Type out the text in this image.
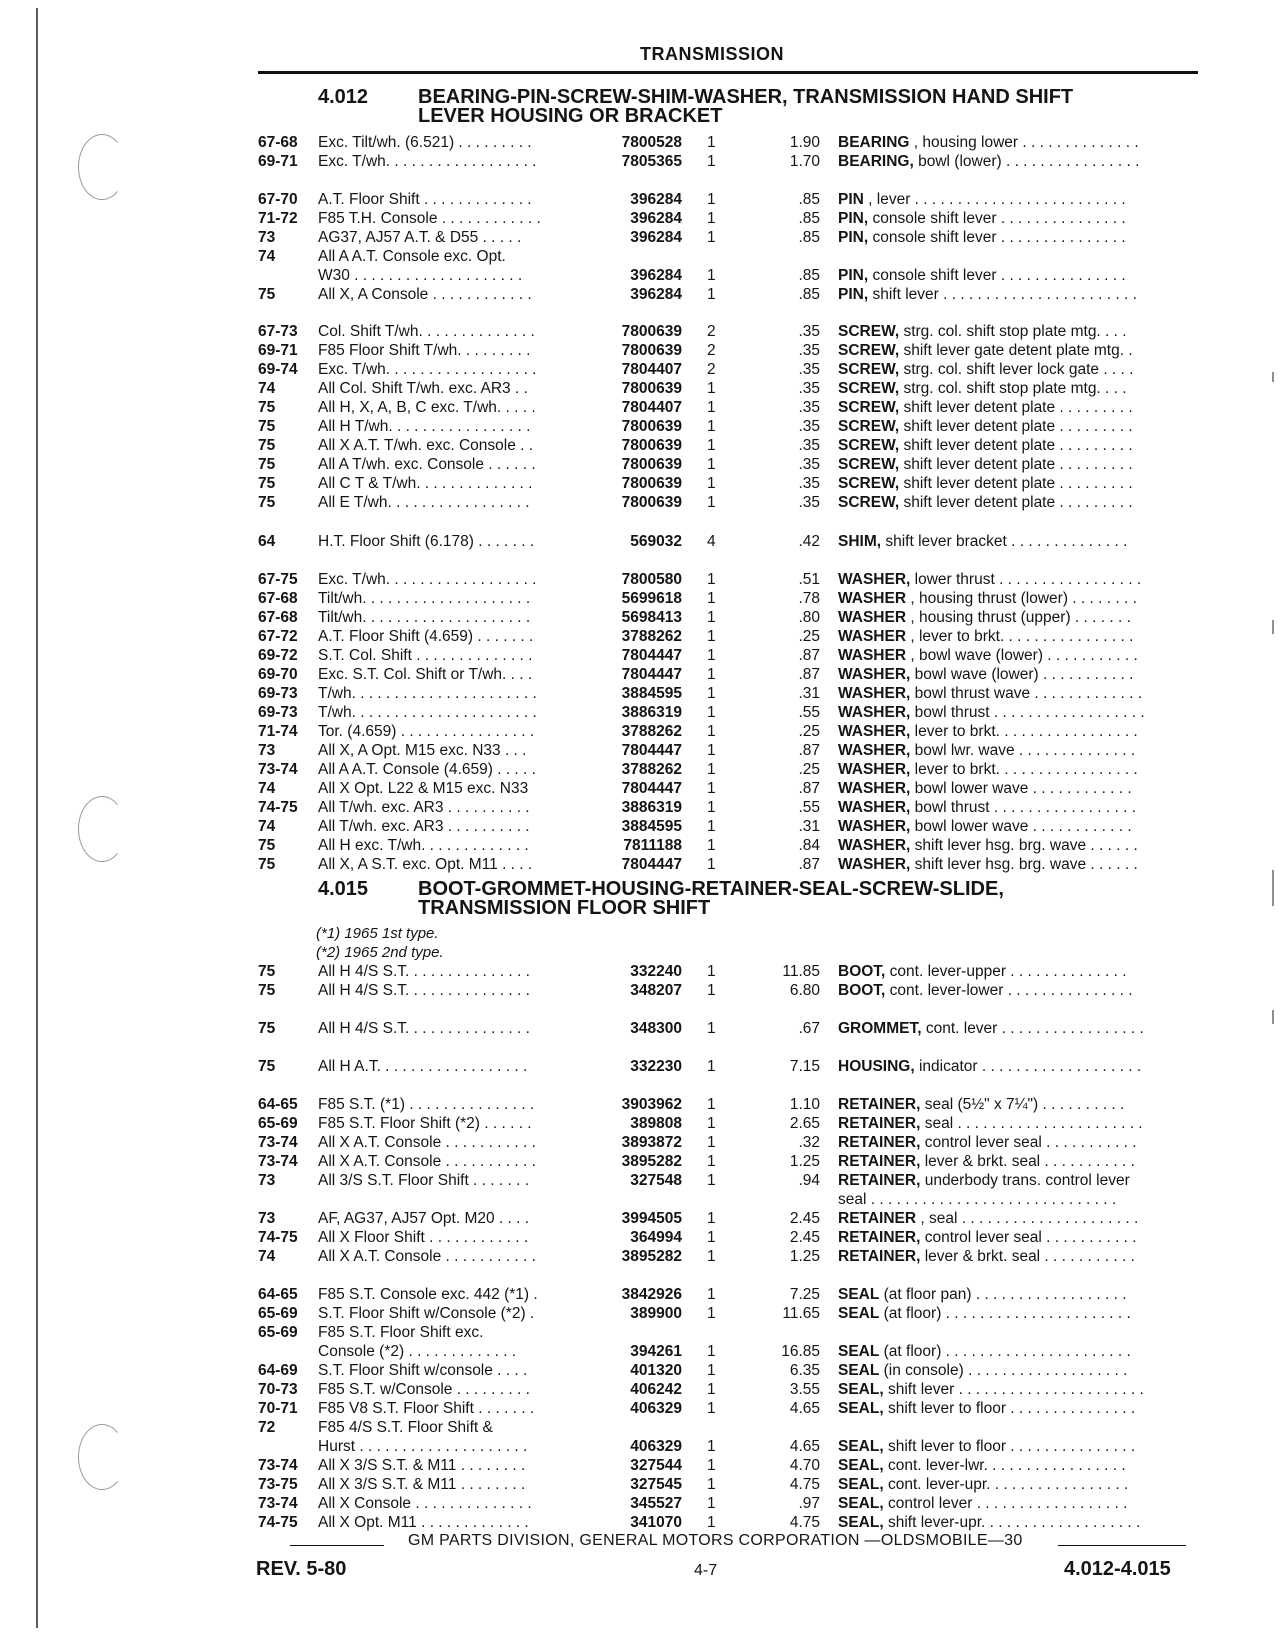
TRANSMISSION
4.012 BEARING-PIN-SCREW-SHIM-WASHER, TRANSMISSION HAND SHIFT
LEVER HOUSING OR BRACKET
4.015 BOOT-GROMMET-HOUSING-RETAINER-SEAL-SCREW-SLIDE,
TRANSMISSION FLOOR SHIFT
(*1) 1965 1st type.
(*2) 1965 2nd type.
67-68 Exc. Tilt/wh. (6.521) . . . . . . . . .	7800528 1	1.90 BEARING , housing lower . . . . . . . . . . . . . .
69-71 Exc. T/wh. . . . . . . . . . . . . . . . . .	7805365 1	1.70 BEARING, bowl (lower) . . . . . . . . . . . . . . . .
67-70 A.T. Floor Shift . . . . . . . . . . . . .	396284 1	.85 PIN , lever . . . . . . . . . . . . . . . . . . . . . . . . .
71-72 F85 T.H. Console . . . . . . . . . . . .	396284 1	.85 PIN, console shift lever . . . . . . . . . . . . . . .
73	AG37, AJ57 A.T. & D55 . . . . .	396284 1	.85 PIN, console shift lever . . . . . . . . . . . . . . .
74	All A A.T. Console exc. Opt.
W30 . . . . . . . . . . . . . . . . . . . .	396284 1	.85 PIN, console shift lever . . . . . . . . . . . . . . .
75	All X, A Console . . . . . . . . . . . .	396284 1	.85 PIN, shift lever . . . . . . . . . . . . . . . . . . . . . . .
67-73 Col. Shift T/wh. . . . . . . . . . . . . .	7800639 2	.35 SCREW, strg. col. shift stop plate mtg. . . .
69-71 F85 Floor Shift T/wh. . . . . . . . .	7800639 2	.35 SCREW, shift lever gate detent plate mtg. .
69-74 Exc. T/wh. . . . . . . . . . . . . . . . . .	7804407 2	.35 SCREW, strg. col. shift lever lock gate . . . .
74	All Col. Shift T/wh. exc. AR3 . .	7800639 1	.35 SCREW, strg. col. shift stop plate mtg. . . .
75	All H, X, A, B, C exc. T/wh. . . . .	7804407 1	.35 SCREW, shift lever detent plate . . . . . . . . .
75	All H T/wh. . . . . . . . . . . . . . . . .	7800639 1	.35 SCREW, shift lever detent plate . . . . . . . . .
75	All X A.T. T/wh. exc. Console . .	7800639 1	.35 SCREW, shift lever detent plate . . . . . . . . .
75	All A T/wh. exc. Console . . . . . .	7800639 1	.35 SCREW, shift lever detent plate . . . . . . . . .
75	All C T & T/wh. . . . . . . . . . . . . .	7800639 1	.35 SCREW, shift lever detent plate . . . . . . . . .
75	All E T/wh. . . . . . . . . . . . . . . . .	7800639 1	.35 SCREW, shift lever detent plate . . . . . . . . .
64	H.T. Floor Shift (6.178) . . . . . . .	569032 4	.42 SHIM, shift lever bracket . . . . . . . . . . . . . .
67-75 Exc. T/wh. . . . . . . . . . . . . . . . . .	7800580 1	.51 WASHER, lower thrust . . . . . . . . . . . . . . . . .
67-68 Tilt/wh. . . . . . . . . . . . . . . . . . . .	5699618 1	.78 WASHER , housing thrust (lower) . . . . . . . .
67-68 Tilt/wh. . . . . . . . . . . . . . . . . . . .	5698413 1	.80 WASHER , housing thrust (upper) . . . . . . .
67-72 A.T. Floor Shift (4.659) . . . . . . .	3788262 1	.25 WASHER , lever to brkt. . . . . . . . . . . . . . . .
69-72 S.T. Col. Shift . . . . . . . . . . . . . .	7804447 1	.87 WASHER , bowl wave (lower) . . . . . . . . . . .
69-70 Exc. S.T. Col. Shift or T/wh. . . .	7804447 1	.87 WASHER, bowl wave (lower) . . . . . . . . . . .
69-73 T/wh. . . . . . . . . . . . . . . . . . . . . .	3884595 1	.31 WASHER, bowl thrust wave . . . . . . . . . . . . .
69-73 T/wh. . . . . . . . . . . . . . . . . . . . . .	3886319 1	.55 WASHER, bowl thrust . . . . . . . . . . . . . . . . . .
71-74 Tor. (4.659) . . . . . . . . . . . . . . . .	3788262 1	.25 WASHER, lever to brkt. . . . . . . . . . . . . . . . .
73	All X, A Opt. M15 exc. N33 . . .	7804447 1	.87 WASHER, bowl lwr. wave . . . . . . . . . . . . . .
73-74 All A A.T. Console (4.659) . . . . .	3788262 1	.25 WASHER, lever to brkt. . . . . . . . . . . . . . . . .
74	All X Opt. L22 & M15 exc. N33	7804447 1	.87 WASHER, bowl lower wave . . . . . . . . . . . .
74-75 All T/wh. exc. AR3 . . . . . . . . . .	3886319 1	.55 WASHER, bowl thrust . . . . . . . . . . . . . . . . .
74	All T/wh. exc. AR3 . . . . . . . . . .	3884595 1	.31 WASHER, bowl lower wave . . . . . . . . . . . .
75	All H exc. T/wh. . . . . . . . . . . . .	7811188 1	.84 WASHER, shift lever hsg. brg. wave . . . . . .
75	All X, A S.T. exc. Opt. M11 . . . .	7804447 1	.87 WASHER, shift lever hsg. brg. wave . . . . . .
75	All H 4/S S.T. . . . . . . . . . . . . . .	332240 1	11.85 BOOT, cont. lever-upper . . . . . . . . . . . . . .
75	All H 4/S S.T. . . . . . . . . . . . . . .	348207 1	6.80 BOOT, cont. lever-lower . . . . . . . . . . . . . . .
75	All H 4/S S.T. . . . . . . . . . . . . . .	348300 1	.67 GROMMET, cont. lever . . . . . . . . . . . . . . . . .
75	All H A.T. . . . . . . . . . . . . . . . . .	332230 1	7.15 HOUSING, indicator . . . . . . . . . . . . . . . . . . .
64-65 F85 S.T. (*1) . . . . . . . . . . . . . . .	3903962 1	1.10 RETAINER, seal (5½" x 7¼") . . . . . . . . . .
65-69 F85 S.T. Floor Shift (*2) . . . . . .	389808 1	2.65 RETAINER, seal . . . . . . . . . . . . . . . . . . . . . .
73-74 All X A.T. Console . . . . . . . . . . .	3893872 1	.32 RETAINER, control lever seal . . . . . . . . . . .
73-74 All X A.T. Console . . . . . . . . . . .	3895282 1	1.25 RETAINER, lever & brkt. seal . . . . . . . . . . .
73	All 3/S S.T. Floor Shift . . . . . . .	327548 1	.94 RETAINER, underbody trans. control lever
seal . . . . . . . . . . . . . . . . . . . . . . . . . . . . .
73	AF, AG37, AJ57 Opt. M20 . . . .	3994505 1	2.45 RETAINER , seal . . . . . . . . . . . . . . . . . . . . .
74-75 All X Floor Shift . . . . . . . . . . . .	364994 1	2.45 RETAINER, control lever seal . . . . . . . . . . .
74	All X A.T. Console . . . . . . . . . . .	3895282 1	1.25 RETAINER, lever & brkt. seal . . . . . . . . . . .
64-65 F85 S.T. Console exc. 442 (*1) .	3842926 1	7.25 SEAL (at floor pan) . . . . . . . . . . . . . . . . . .
65-69 S.T. Floor Shift w/Console (*2) .	389900 1	11.65 SEAL (at floor) . . . . . . . . . . . . . . . . . . . . . .
65-69 F85 S.T. Floor Shift exc.
Console (*2) . . . . . . . . . . . . .	394261 1	16.85 SEAL (at floor) . . . . . . . . . . . . . . . . . . . . . .
64-69 S.T. Floor Shift w/console . . . .	401320 1	6.35 SEAL (in console) . . . . . . . . . . . . . . . . . . .
70-73 F85 S.T. w/Console . . . . . . . . .	406242 1	3.55 SEAL, shift lever . . . . . . . . . . . . . . . . . . . . . .
70-71 F85 V8 S.T. Floor Shift . . . . . . .	406329 1	4.65 SEAL, shift lever to floor . . . . . . . . . . . . . . .
72	F85 4/S S.T. Floor Shift &
Hurst . . . . . . . . . . . . . . . . . . . .	406329 1	4.65 SEAL, shift lever to floor . . . . . . . . . . . . . . .
73-74 All X 3/S S.T. & M11 . . . . . . . .	327544 1	4.70 SEAL, cont. lever-lwr. . . . . . . . . . . . . . . . .
73-75 All X 3/S S.T. & M11 . . . . . . . .	327545 1	4.75 SEAL, cont. lever-upr. . . . . . . . . . . . . . . . .
73-74 All X Console . . . . . . . . . . . . . .	345527 1	.97 SEAL, control lever . . . . . . . . . . . . . . . . . .
74-75 All X Opt. M11 . . . . . . . . . . . . .	341070 1	4.75 SEAL, shift lever-upr. . . . . . . . . . . . . . . . . . .
GM PARTS DIVISION, GENERAL MOTORS CORPORATION —OLDSMOBILE—30
REV. 5-80	4-7	4.012-4.015
